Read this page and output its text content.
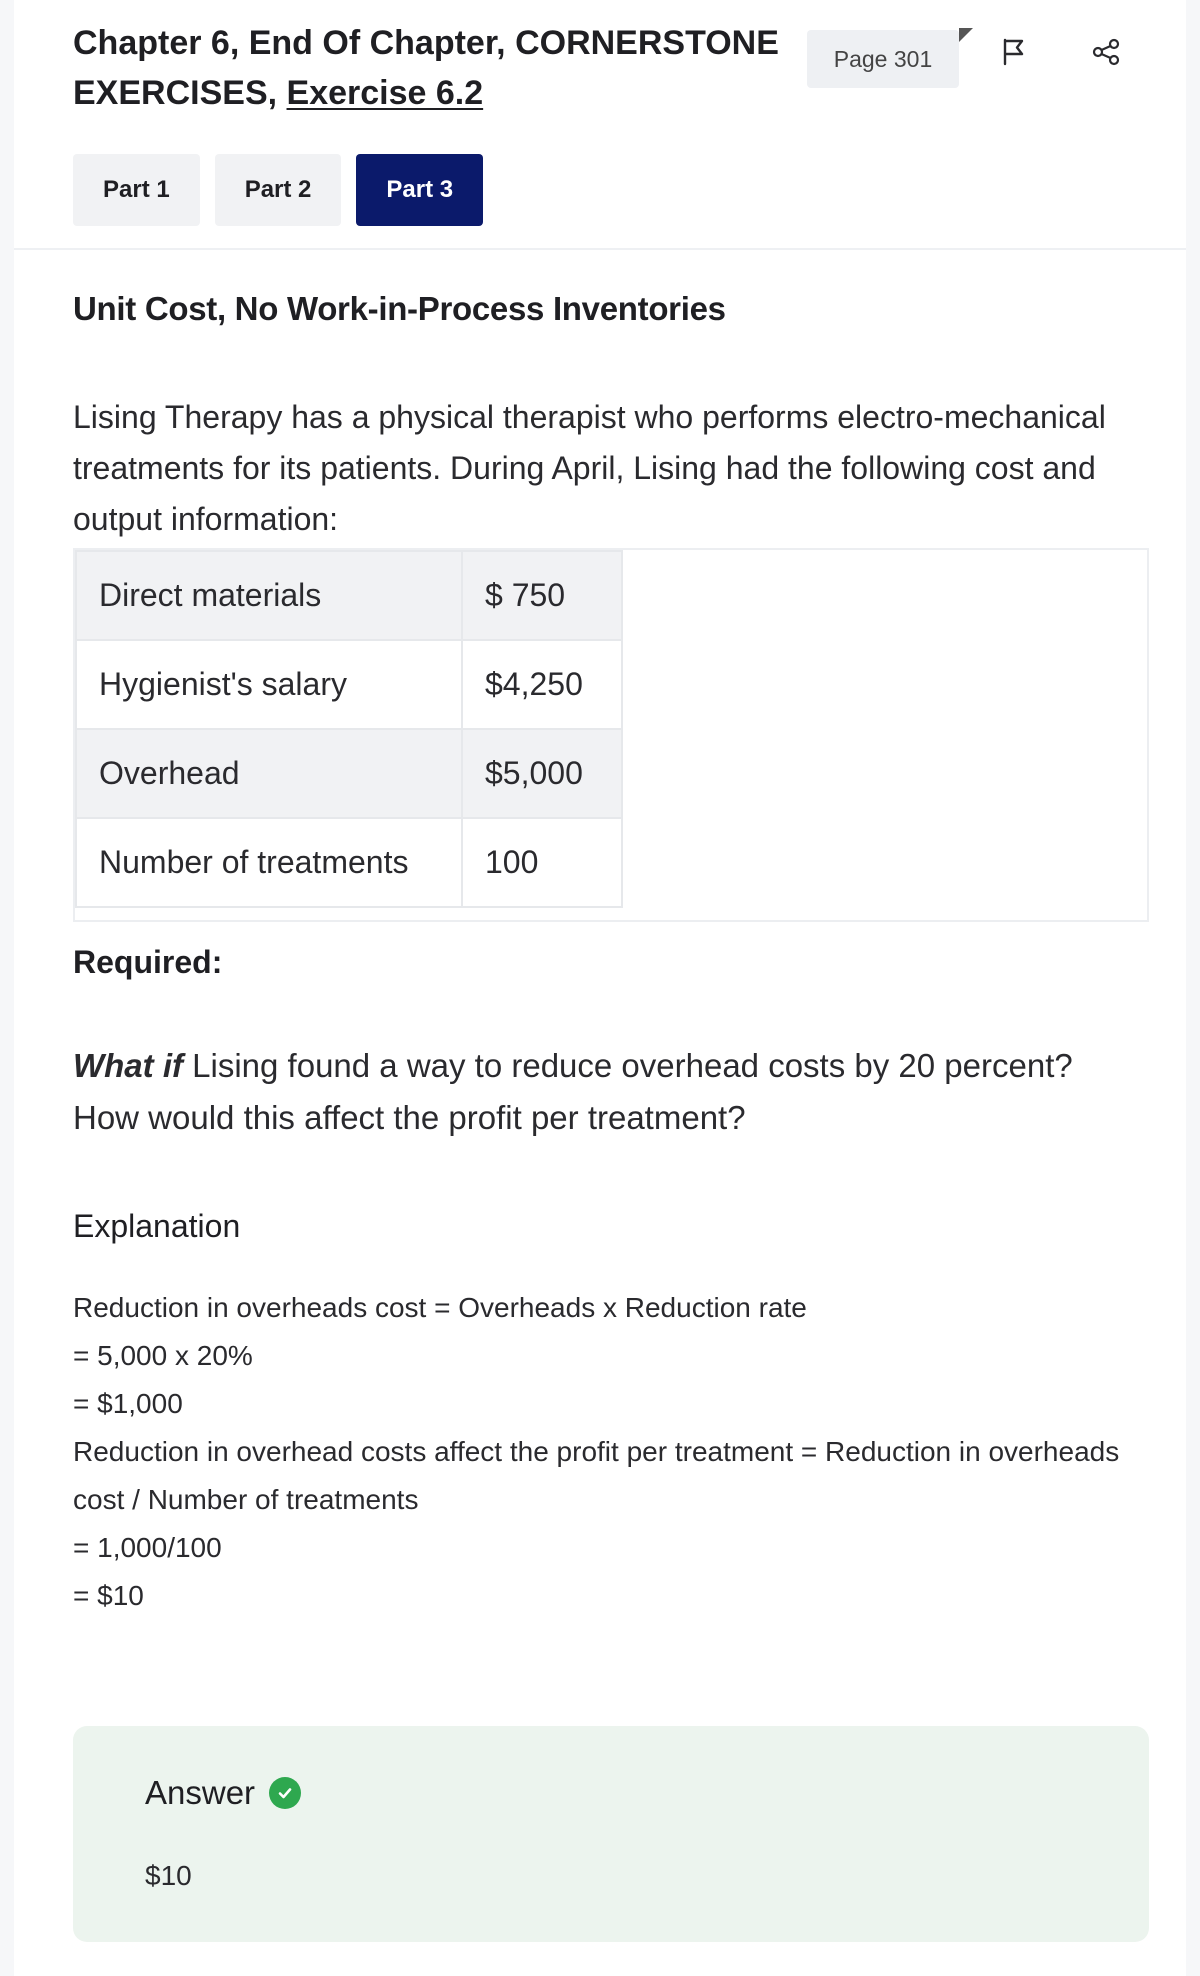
Chapter 6, End Of Chapter, CORNERSTONE EXERCISES, Exercise 6.2
Page 301
Part 1	Part 2	Part 3
Unit Cost, No Work-in-Process Inventories

Lising Therapy has a physical therapist who performs electro-mechanical treatments for its patients. During April, Lising had the following cost and output information:

Direct materials	$ 750
Hygienist's salary	$4,250
Overhead	$5,000
Number of treatments	100

Required:

What if Lising found a way to reduce overhead costs by 20 percent? How would this affect the profit per treatment?

Explanation
Reduction in overheads cost = Overheads x Reduction rate
= 5,000 x 20%
= $1,000
Reduction in overhead costs affect the profit per treatment = Reduction in overheads cost / Number of treatments
= 1,000/100
= $10
Answer
$10
